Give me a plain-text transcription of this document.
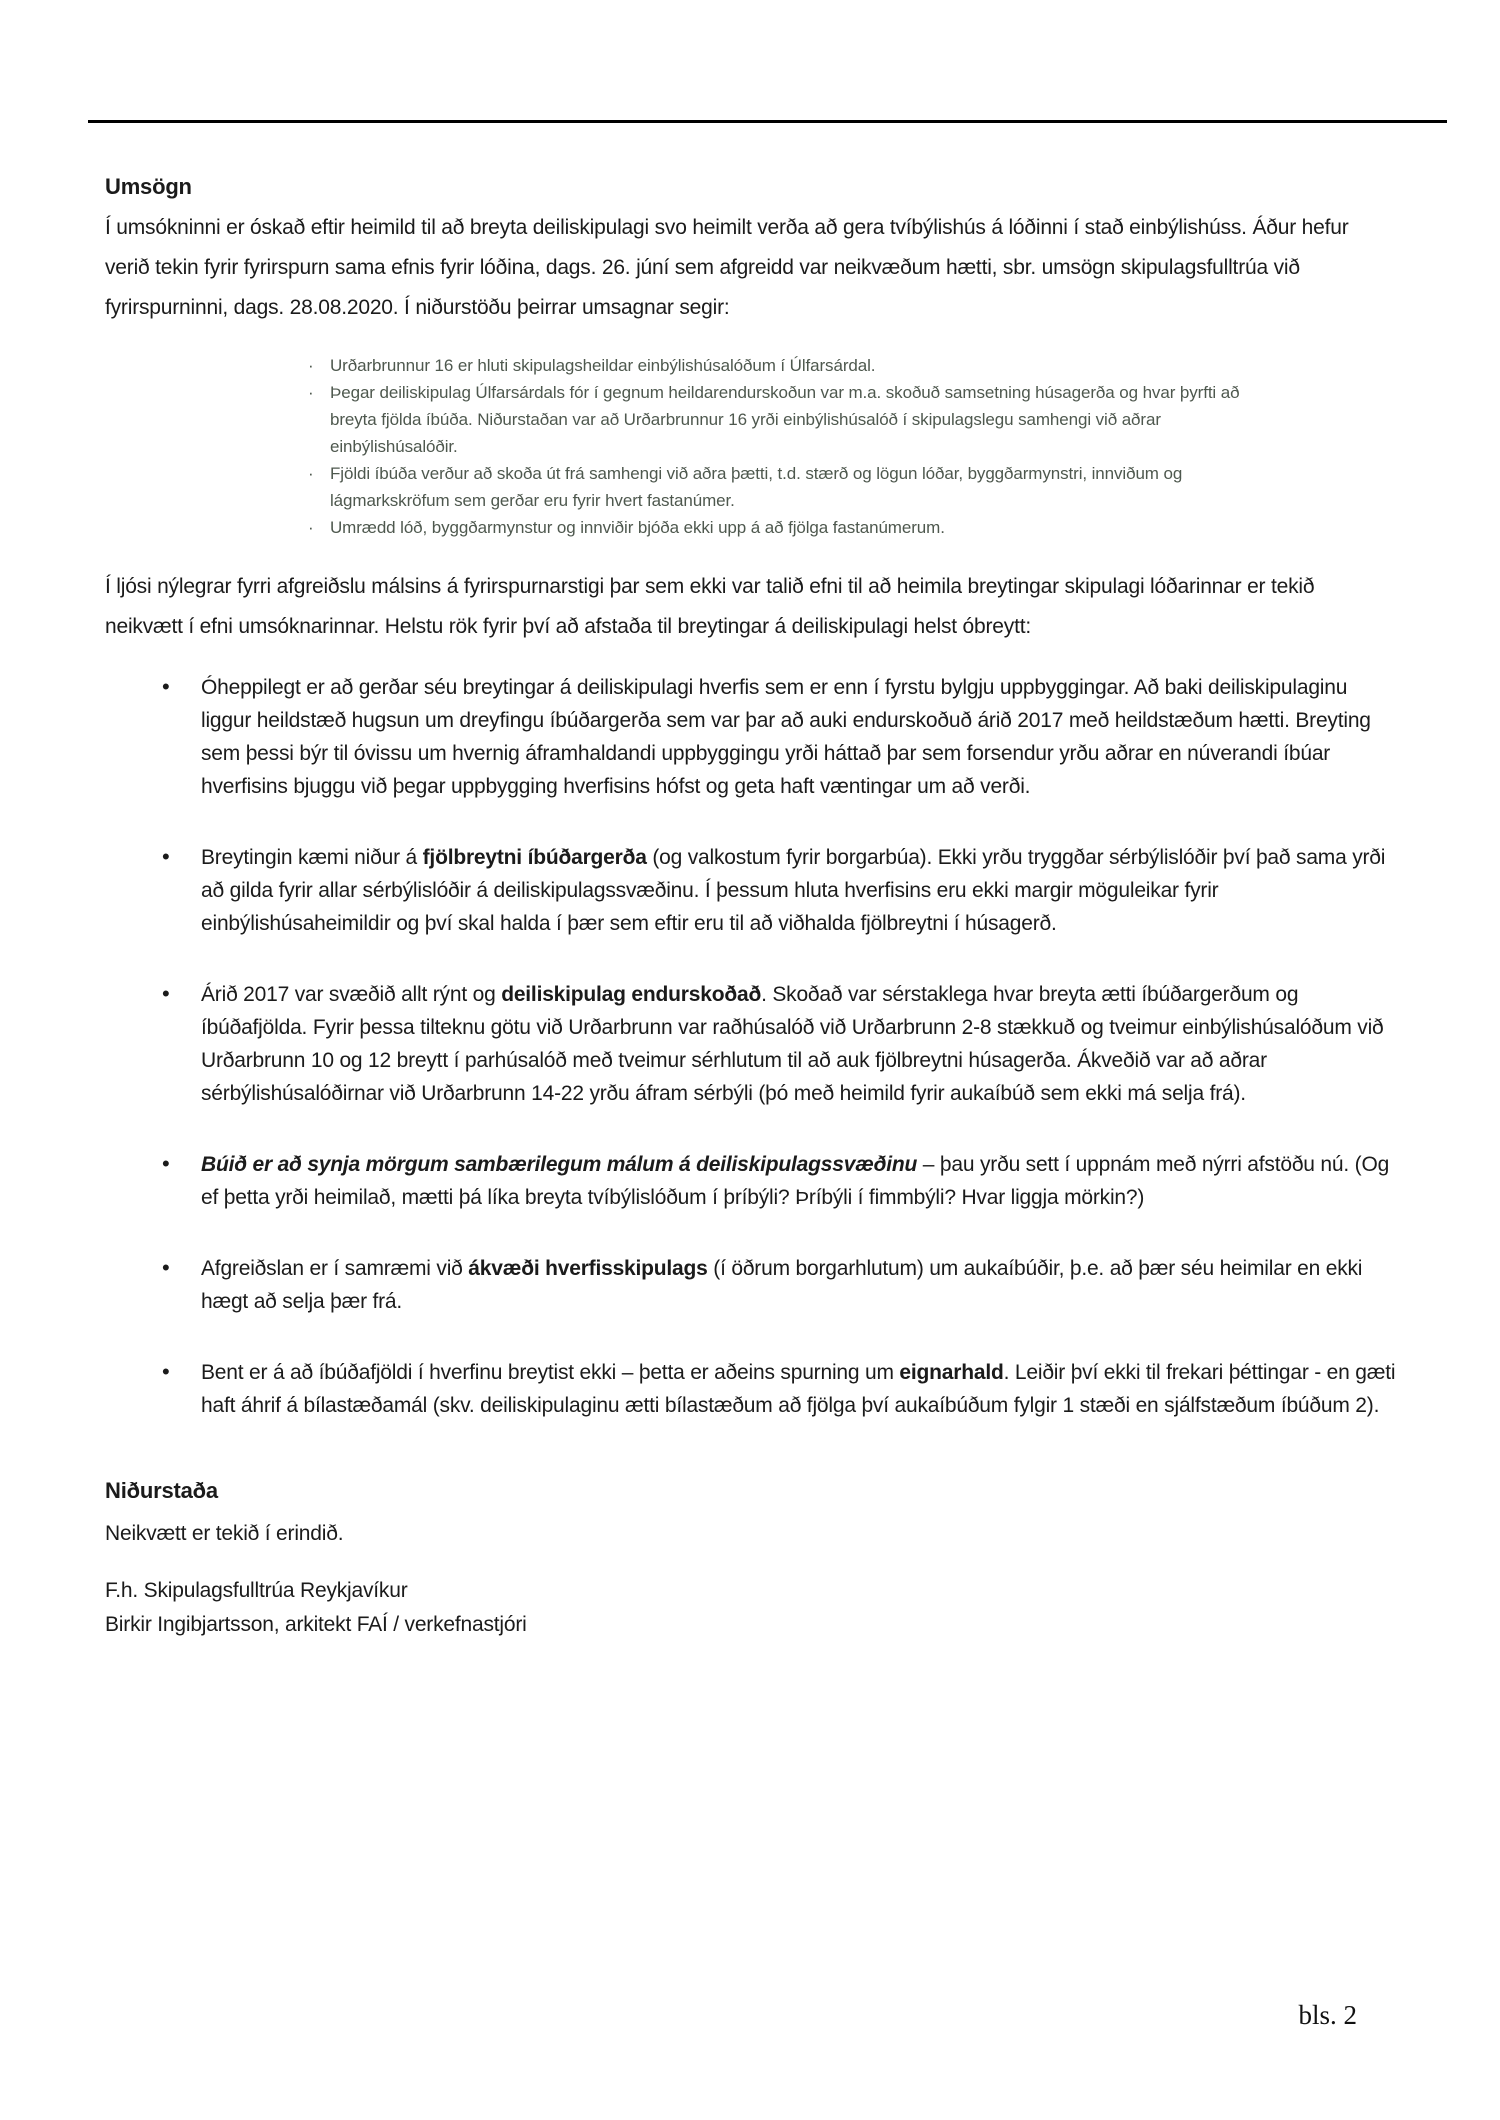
Umsögn

Í umsókninni er óskað eftir heimild til að breyta deiliskipulagi svo heimilt verða að gera tvíbýlishús á lóðinni í stað einbýlishúss. Áður hefur verið tekin fyrir fyrirspurn sama efnis fyrir lóðina, dags. 26. júní sem afgreidd var neikvæðum hætti, sbr. umsögn skipulagsfulltrúa við fyrirspurninni, dags. 28.08.2020. Í niðurstöðu þeirrar umsagnar segir:

· Urðarbrunnur 16 er hluti skipulagsheildar einbýlishúsalóðum í Úlfarsárdal.
· Þegar deiliskipulag Úlfarsárdals fór í gegnum heildarendurskoðun var m.a. skoðuð samsetning húsagerða og hvar þyrfti að breyta fjölda íbúða. Niðurstaðan var að Urðarbrunnur 16 yrði einbýlishúsalóð í skipulagslegu samhengi við aðrar einbýlishúsalóðir.
· Fjöldi íbúða verður að skoða út frá samhengi við aðra þætti, t.d. stærð og lögun lóðar, byggðarmynstri, innviðum og lágmarkskröfum sem gerðar eru fyrir hvert fastanúmer.
· Umrædd lóð, byggðarmynstur og innviðir bjóða ekki upp á að fjölga fastanúmerum.

Í ljósi nýlegrar fyrri afgreiðslu málsins á fyrirspurnarstigi þar sem ekki var talið efni til að heimila breytingar skipulagi lóðarinnar er tekið neikvætt í efni umsóknarinnar. Helstu rök fyrir því að afstaða til breytingar á deiliskipulagi helst óbreytt:

• Óheppilegt er að gerðar séu breytingar á deiliskipulagi hverfis sem er enn í fyrstu bylgju uppbyggingar. Að baki deiliskipulaginu liggur heildstæð hugsun um dreyfingu íbúðargerða sem var þar að auki endurskoðuð árið 2017 með heildstæðum hætti. Breyting sem þessi býr til óvissu um hvernig áframhaldandi uppbyggingu yrði háttað þar sem forsendur yrðu aðrar en núverandi íbúar hverfisins bjuggu við þegar uppbygging hverfisins hófst og geta haft væntingar um að verði.
• Breytingin kæmi niður á fjölbreytni íbúðargerða (og valkostum fyrir borgarbúa). Ekki yrðu tryggðar sérbýlislóðir því það sama yrði að gilda fyrir allar sérbýlislóðir á deiliskipulagssvæðinu. Í þessum hluta hverfisins eru ekki margir möguleikar fyrir einbýlishúsaheimildir og því skal halda í þær sem eftir eru til að viðhalda fjölbreytni í húsagerð.
• Árið 2017 var svæðið allt rýnt og deiliskipulag endurskoðað. Skoðað var sérstaklega hvar breyta ætti íbúðargerðum og íbúðafjölda. Fyrir þessa tilteknu götu við Urðarbrunn var raðhúsalóð við Urðarbrunn 2-8 stækkuð og tveimur einbýlishúsalóðum við Urðarbrunn 10 og 12 breytt í parhúsalóð með tveimur sérhlutum til að auk fjölbreytni húsagerða. Ákveðið var að aðrar sérbýlishúsalóðirnar við Urðarbrunn 14-22 yrðu áfram sérbýli (þó með heimild fyrir aukaíbúð sem ekki má selja frá).
• Búið er að synja mörgum sambærilegum málum á deiliskipulagssvæðinu – þau yrðu sett í uppnám með nýrri afstöðu nú. (Og ef þetta yrði heimilað, mætti þá líka breyta tvíbýlislóðum í þríbýli? Þríbýli í fimmbýli? Hvar liggja mörkin?)
• Afgreiðslan er í samræmi við ákvæði hverfisskipulags (í öðrum borgarhlutum) um aukaíbúðir, þ.e. að þær séu heimilar en ekki hægt að selja þær frá.
• Bent er á að íbúðafjöldi í hverfinu breytist ekki – þetta er aðeins spurning um eignarhald. Leiðir því ekki til frekari þéttingar - en gæti haft áhrif á bílastæðamál (skv. deiliskipulaginu ætti bílastæðum að fjölga því aukaíbúðum fylgir 1 stæði en sjálfstæðum íbúðum 2).
Niðurstaða

Neikvætt er tekið í erindið.

F.h. Skipulagsfulltrúa Reykjavíkur

Birkir Ingibjartsson, arkitekt FAÍ / verkefnastjóri

bls. 2
